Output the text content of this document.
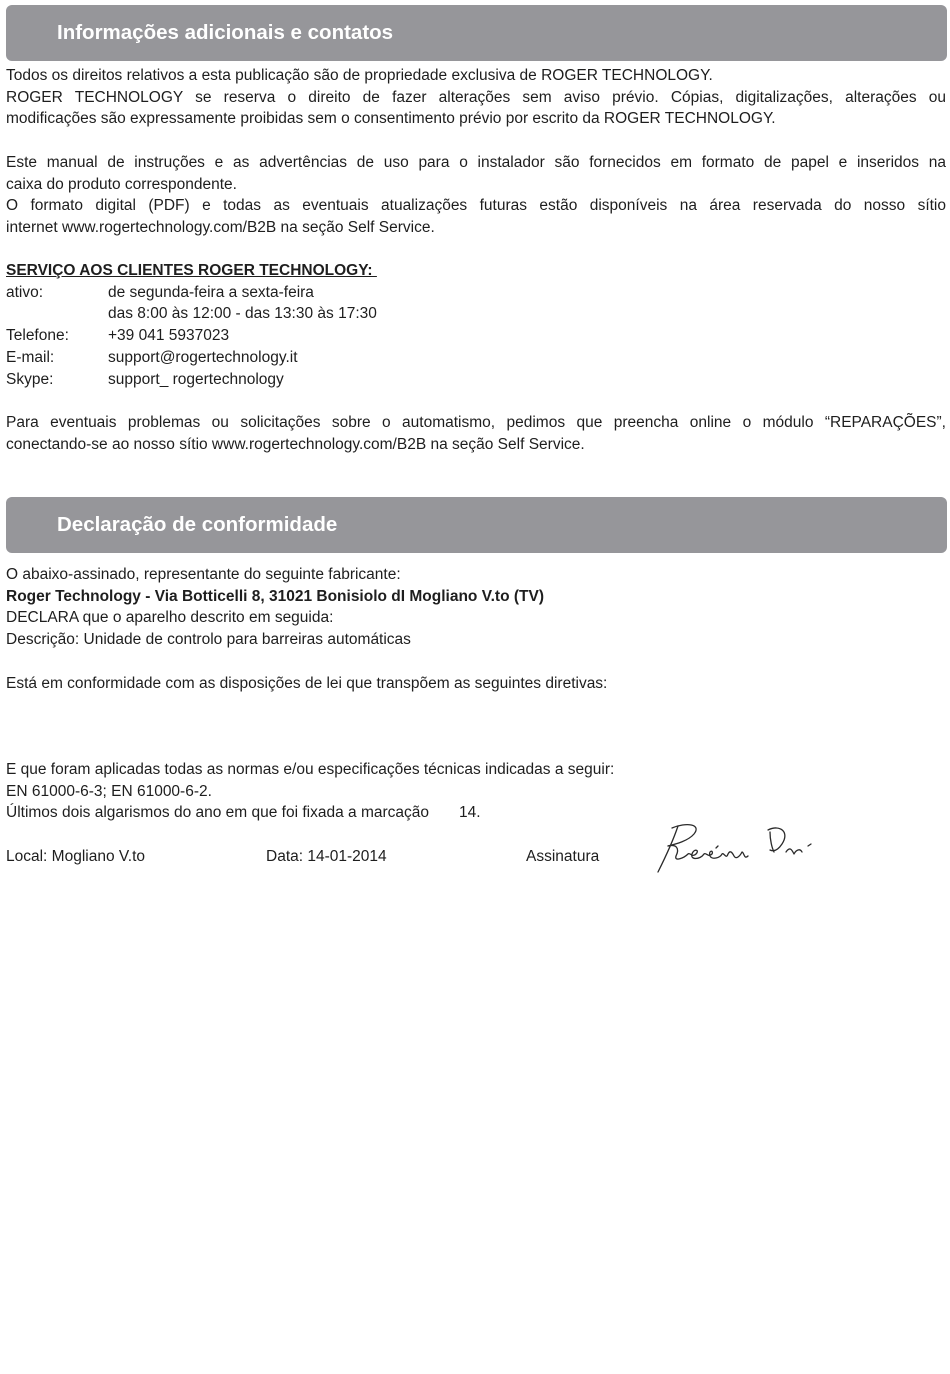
Informações adicionais e contatos

Todos os direitos relativos a esta publicação são de propriedade exclusiva de ROGER TECHNOLOGY.

ROGER TECHNOLOGY se reserva o direito de fazer alterações sem aviso prévio. Cópias, digitalizações, alterações ou

modificações são expressamente proibidas sem o consentimento prévio por escrito da ROGER TECHNOLOGY.

Este manual de instruções e as advertências de uso para o instalador são fornecidos em formato de papel e inseridos na

caixa do produto correspondente.

O formato digital (PDF) e todas as eventuais atualizações futuras estão disponíveis na área reservada do nosso sítio

internet www.rogertechnology.com/B2B na seção Self Service.

SERVIÇO AOS CLIENTES ROGER TECHNOLOGY:

ativo:	de segunda-feira a sexta-feira
das 8:00 às 12:00 - das 13:30 às 17:30
Telefone:	+39 041 5937023
E-mail:	support@rogertechnology.it
Skype:	support_ rogertechnology

Para eventuais problemas ou solicitações sobre o automatismo, pedimos que preencha online o módulo “REPARAÇÕES”,

conectando-se ao nosso sítio www.rogertechnology.com/B2B na seção Self Service.

Declaração de conformidade

O abaixo-assinado, representante do seguinte fabricante:

Roger Technology - Via Botticelli 8, 31021 Bonisiolo dI Mogliano V.to (TV)

DECLARA que o aparelho descrito em seguida:

Descrição: Unidade de controlo para barreiras automáticas

Está em conformidade com as disposições de lei que transpõem as seguintes diretivas:

E que foram aplicadas todas as normas e/ou especificações técnicas indicadas a seguir:

EN 61000-6-3; EN 61000-6-2.

Últimos dois algarismos do ano em que foi fixada a marcação 14.

Local: Mogliano V.to	Data: 14-01-2014	Assinatura
